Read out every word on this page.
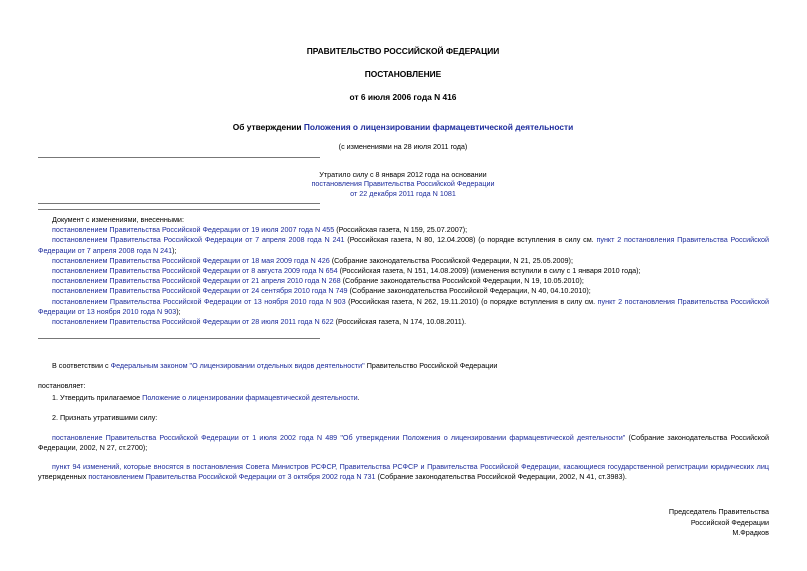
ПРАВИТЕЛЬСТВО РОССИЙСКОЙ ФЕДЕРАЦИИ
ПОСТАНОВЛЕНИЕ
от 6 июля 2006 года N 416
Об утверждении Положения о лицензировании фармацевтической деятельности
(с изменениями на 28 июля 2011 года)
Утратило силу с 8 января 2012 года на основании
постановления Правительства Российской Федерации
от 22 декабря 2011 года N 1081

Документ с изменениями, внесенными:

постановлением Правительства Российской Федерации от 19 июля 2007 года N 455 (Российская газета, N 159, 25.07.2007);

постановлением Правительства Российской Федерации от 7 апреля 2008 года N 241 (Российская газета, N 80, 12.04.2008) (о порядке вступления в силу см. пункт 2 постановления Правительства Российской Федерации от 7 апреля 2008 года N 241);

постановлением Правительства Российской Федерации от 18 мая 2009 года N 426 (Собрание законодательства Российской Федерации, N 21, 25.05.2009);

постановлением Правительства Российской Федерации от 8 августа 2009 года N 654 (Российская газета, N 151, 14.08.2009) (изменения вступили в силу с 1 января 2010 года);

постановлением Правительства Российской Федерации от 21 апреля 2010 года N 268 (Собрание законодательства Российской Федерации, N 19, 10.05.2010);

постановлением Правительства Российской Федерации от 24 сентября 2010 года N 749 (Собрание законодательства Российской Федерации, N 40, 04.10.2010);

постановлением Правительства Российской Федерации от 13 ноября 2010 года N 903 (Российская газета, N 262, 19.11.2010) (о порядке вступления в силу см. пункт 2 постановления Правительства Российской Федерации от 13 ноября 2010 года N 903);

постановлением Правительства Российской Федерации от 28 июля 2011 года N 622 (Российская газета, N 174, 10.08.2011).

В соответствии с Федеральным законом "О лицензировании отдельных видов деятельности" Правительство Российской Федерации

постановляет:

1. Утвердить прилагаемое Положение о лицензировании фармацевтической деятельности.

2. Признать утратившими силу:

постановление Правительства Российской Федерации от 1 июля 2002 года N 489 "Об утверждении Положения о лицензировании фармацевтической деятельности" (Собрание законодательства Российской Федерации, 2002, N 27, ст.2700);

пункт 94 изменений, которые вносятся в постановления Совета Министров РСФСР, Правительства РСФСР и Правительства Российской Федерации, касающиеся государственной регистрации юридических лиц утвержденных постановлением Правительства Российской Федерации от 3 октября 2002 года N 731 (Собрание законодательства Российской Федерации, 2002, N 41, ст.3983).

Председатель Правительства
Российской Федерации
М.Фрадков
